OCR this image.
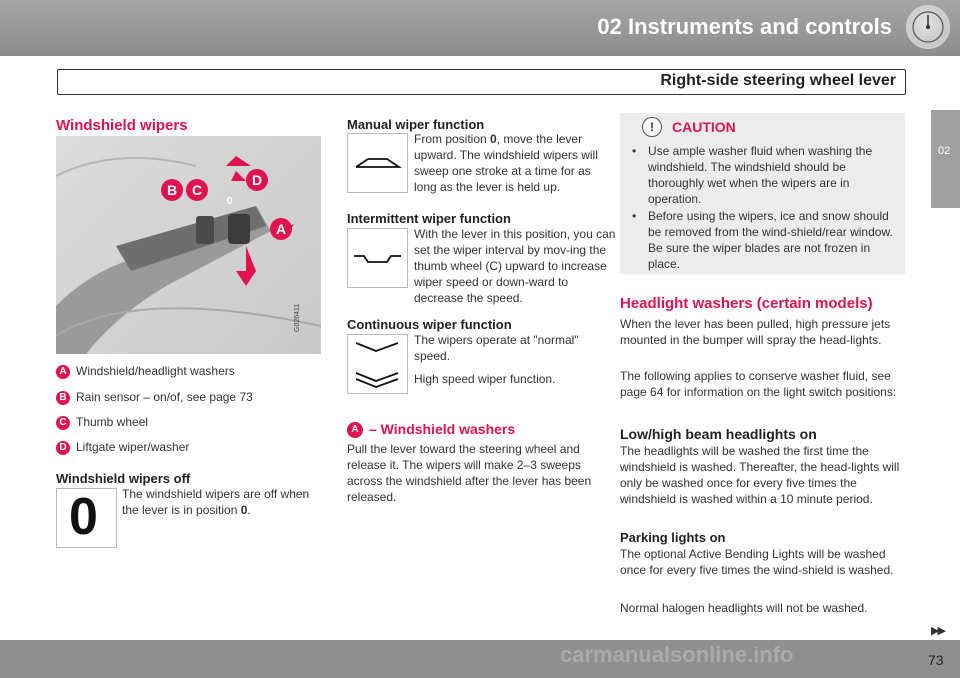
02 Instruments and controls
Right-side steering wheel lever
02
Windshield wipers
B	C
D
A
0
G026411
A Windshield/headlight washers
B Rain sensor – on/of, see page 73
C Thumb wheel
D Liftgate wiper/washer
Windshield wipers off
0 The windshield wipers are off when the lever is in position 0.
Manual wiper function
From position 0, move the lever upward. The windshield wipers will sweep one stroke at a time for as long as the lever is held up.
Intermittent wiper function
With the lever in this position, you can set the wiper interval by mov-ing the thumb wheel (C) upward to increase wiper speed or down-ward to decrease the speed.
Continuous wiper function
The wipers operate at "normal" speed.
High speed wiper function.
A – Windshield washers
Pull the lever toward the steering wheel and release it. The wipers will make 2–3 sweeps across the windshield after the lever has been released.
!	CAUTION
• Use ample washer fluid when washing the windshield. The windshield should be thoroughly wet when the wipers are in operation.
• Before using the wipers, ice and snow should be removed from the wind-shield/rear window. Be sure the wiper blades are not frozen in place.
Headlight washers (certain models)
When the lever has been pulled, high pressure jets mounted in the bumper will spray the head-lights.
The following applies to conserve washer fluid, see page 64 for information on the light switch positions:
Low/high beam headlights on
The headlights will be washed the first time the windshield is washed. Thereafter, the head-lights will only be washed once for every five times the windshield is washed within a 10 minute period.
Parking lights on
The optional Active Bending Lights will be washed once for every five times the wind-shield is washed.
Normal halogen headlights will not be washed.
▶▶
carmanualsonline.info	73
